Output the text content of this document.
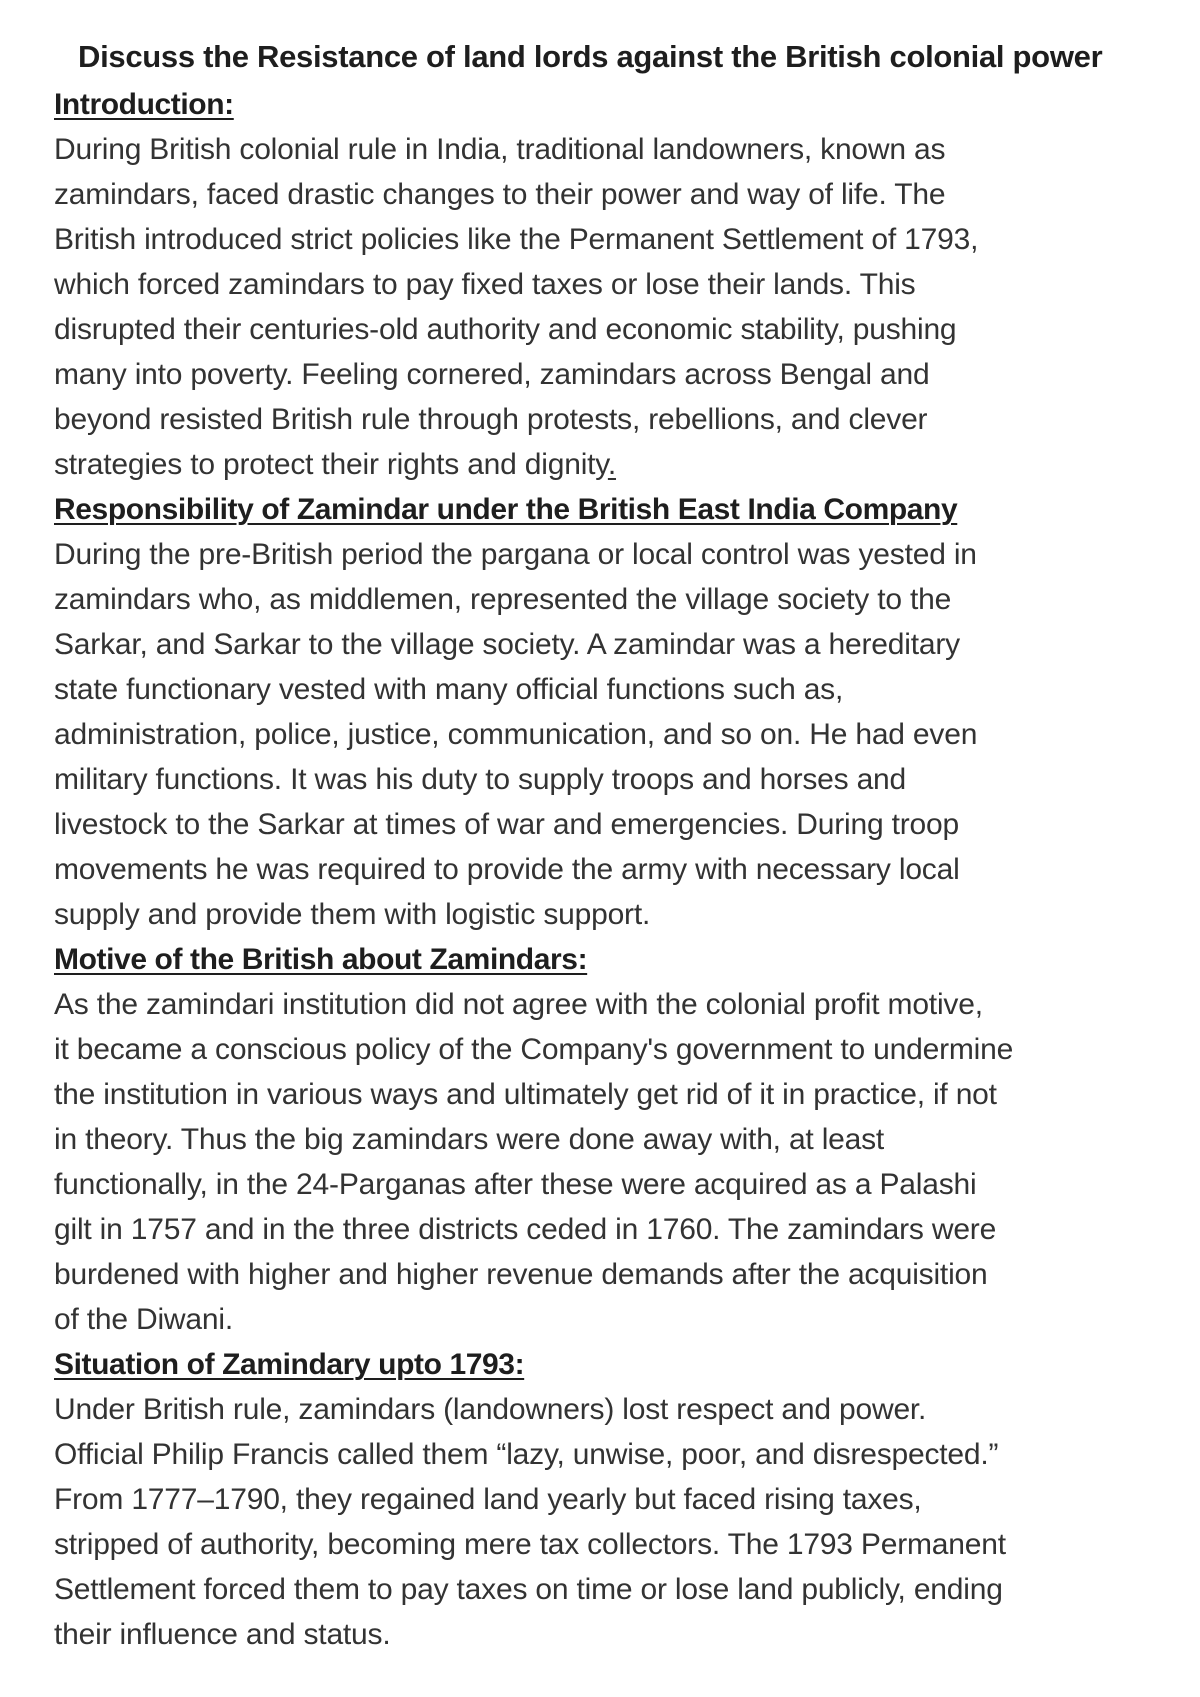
Discuss the Resistance of land lords against the British colonial power
Introduction:

During British colonial rule in India, traditional landowners, known as
zamindars, faced drastic changes to their power and way of life. The
British introduced strict policies like the Permanent Settlement of 1793,
which forced zamindars to pay fixed taxes or lose their lands. This
disrupted their centuries-old authority and economic stability, pushing
many into poverty. Feeling cornered, zamindars across Bengal and
beyond resisted British rule through protests, rebellions, and clever
strategies to protect their rights and dignity.

Responsibility of Zamindar under the British East India Company

During the pre-British period the pargana or local control was yested in
zamindars who, as middlemen, represented the village society to the
Sarkar, and Sarkar to the village society. A zamindar was a hereditary
state functionary vested with many official functions such as,
administration, police, justice, communication, and so on. He had even
military functions. It was his duty to supply troops and horses and
livestock to the Sarkar at times of war and emergencies. During troop
movements he was required to provide the army with necessary local
supply and provide them with logistic support.

Motive of the British about Zamindars:

As the zamindari institution did not agree with the colonial profit motive,
it became a conscious policy of the Company's government to undermine
the institution in various ways and ultimately get rid of it in practice, if not
in theory. Thus the big zamindars were done away with, at least
functionally, in the 24-Parganas after these were acquired as a Palashi
gilt in 1757 and in the three districts ceded in 1760. The zamindars were
burdened with higher and higher revenue demands after the acquisition
of the Diwani.

Situation of Zamindary upto 1793:

Under British rule, zamindars (landowners) lost respect and power.
Official Philip Francis called them “lazy, unwise, poor, and disrespected.”
From 1777–1790, they regained land yearly but faced rising taxes,
stripped of authority, becoming mere tax collectors. The 1793 Permanent
Settlement forced them to pay taxes on time or lose land publicly, ending
their influence and status.
